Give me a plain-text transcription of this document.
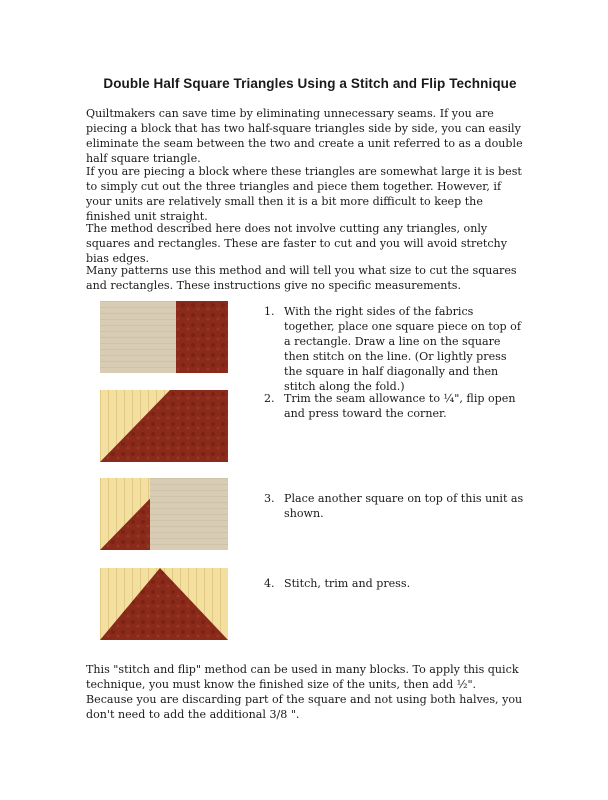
Double Half Square Triangles Using a Stitch and Flip Technique
Quiltmakers can save time by eliminating unnecessary seams. If you are piecing a block that has two half-square triangles side by side, you can easily eliminate the seam between the two and create a unit referred to as a double half square triangle.
If you are piecing a block where these triangles are somewhat large it is best to simply cut out the three triangles and piece them together. However, if your units are relatively small then it is a bit more difficult to keep the finished unit straight.
The method described here does not involve cutting any triangles, only squares and rectangles. These are faster to cut and you will avoid stretchy bias edges.
Many patterns use this method and will tell you what size to cut the squares and rectangles. These instructions give no specific measurements.
1. With the right sides of the fabrics together, place one square piece on top of a rectangle. Draw a line on the square then stitch on the line. (Or lightly press the square in half diagonally and then stitch along the fold.)
2. Trim the seam allowance to ¼", flip open and press toward the corner.
3. Place another square on top of this unit as shown.
4. Stitch, trim and press.
This "stitch and flip" method can be used in many blocks. To apply this quick technique, you must know the finished size of the units, then add ½". Because you are discarding part of the square and not using both halves, you don't need to add the additional 3/8 ".
